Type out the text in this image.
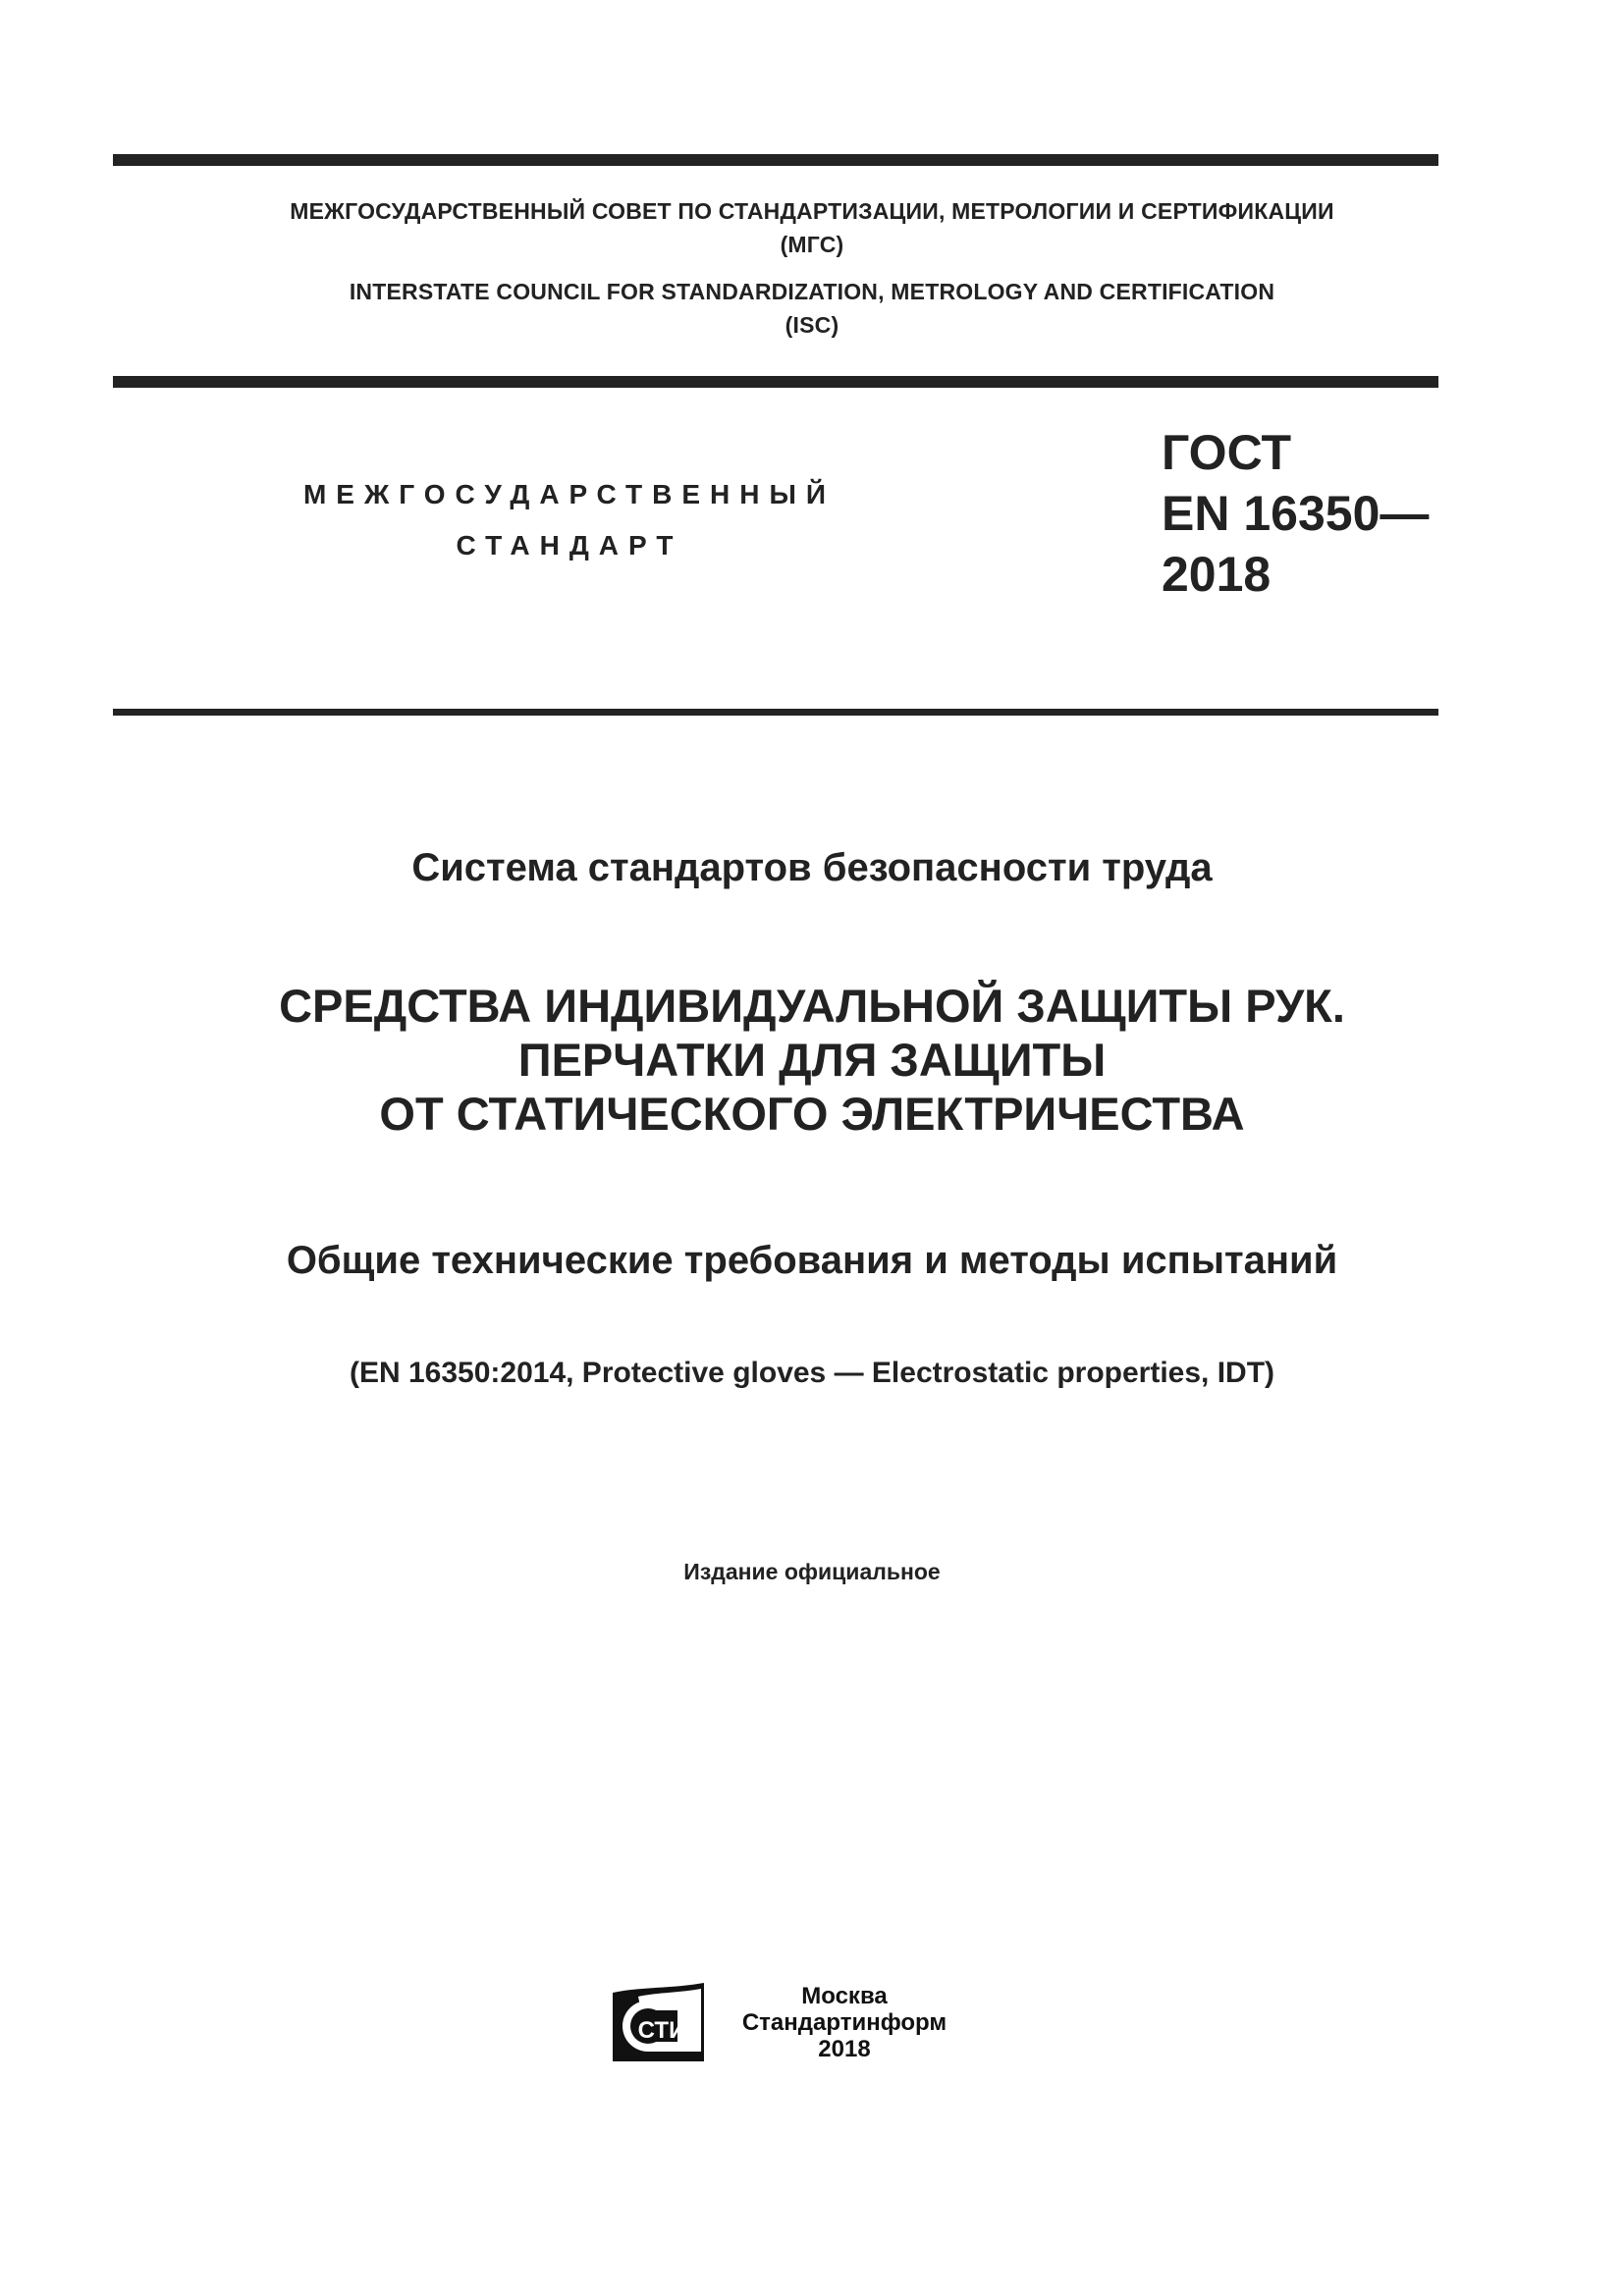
МЕЖГОСУДАРСТВЕННЫЙ СОВЕТ ПО СТАНДАРТИЗАЦИИ, МЕТРОЛОГИИ И СЕРТИФИКАЦИИ
(МГС)
INTERSTATE COUNCIL FOR STANDARDIZATION, METROLOGY AND CERTIFICATION
(ISC)
МЕЖГОСУДАРСТВЕННЫЙ
СТАНДАРТ
ГОСТ
EN 16350—
2018
Система стандартов безопасности труда
СРЕДСТВА ИНДИВИДУАЛЬНОЙ ЗАЩИТЫ РУК.
ПЕРЧАТКИ ДЛЯ ЗАЩИТЫ
ОТ СТАТИЧЕСКОГО ЭЛЕКТРИЧЕСТВА
Общие технические требования и методы испытаний
(EN 16350:2014, Protective gloves — Electrostatic properties, IDT)
Издание официальное
СТИ
Москва
Стандартинформ
2018
